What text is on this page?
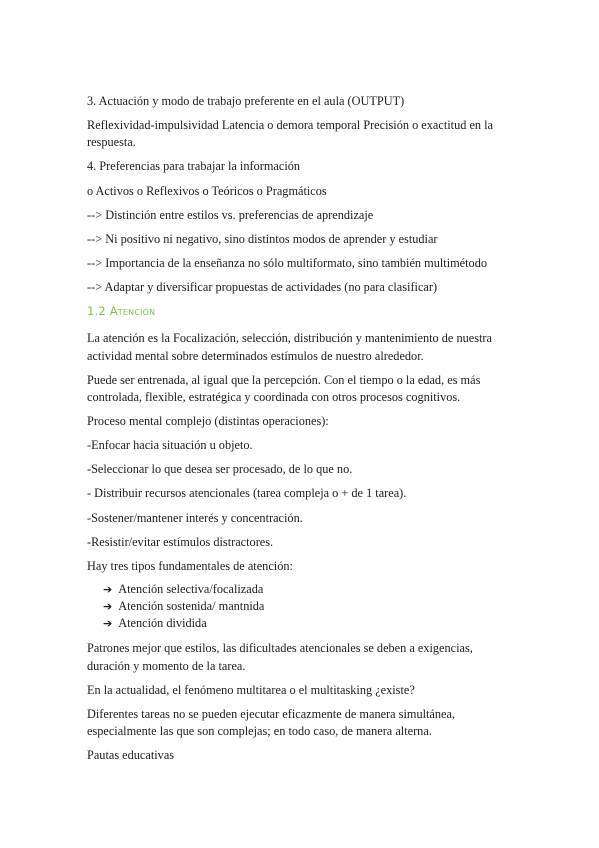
3. Actuación y modo de trabajo preferente en el aula (OUTPUT)

Reflexividad-impulsividad Latencia o demora temporal Precisión o exactitud en la respuesta.

4. Preferencias para trabajar la información

o Activos o Reflexivos o Teóricos o Pragmáticos

--> Distinción entre estilos vs. preferencias de aprendizaje

--> Ni positivo ni negativo, sino distintos modos de aprender y estudiar

--> Importancia de la enseñanza no sólo multiformato, sino también multimétodo

--> Adaptar y diversificar propuestas de actividades (no para clasificar)

1.2 Atención

La atención es la Focalización, selección, distribución y mantenimiento de nuestra actividad mental sobre determinados estímulos de nuestro alrededor.

Puede ser entrenada, al igual que la percepción. Con el tiempo o la edad, es más controlada, flexible, estratégica y coordinada con otros procesos cognitivos.

Proceso mental complejo (distintas operaciones):

-Enfocar hacia situación u objeto.

-Seleccionar lo que desea ser procesado, de lo que no.

- Distribuir recursos atencionales (tarea compleja o + de 1 tarea).

-Sostener/mantener interés y concentración.

-Resistir/evitar estímulos distractores.

Hay tres tipos fundamentales de atención:

➔ Atención selectiva/focalizada
➔ Atención sostenida/ mantnida
➔ Atención dividida

Patrones mejor que estilos, las dificultades atencionales se deben a exigencias, duración y momento de la tarea.

En la actualidad, el fenómeno multitarea o el multitasking ¿existe?

Diferentes tareas no se pueden ejecutar eficazmente de manera simultánea, especialmente las que son complejas; en todo caso, de manera alterna.

Pautas educativas
